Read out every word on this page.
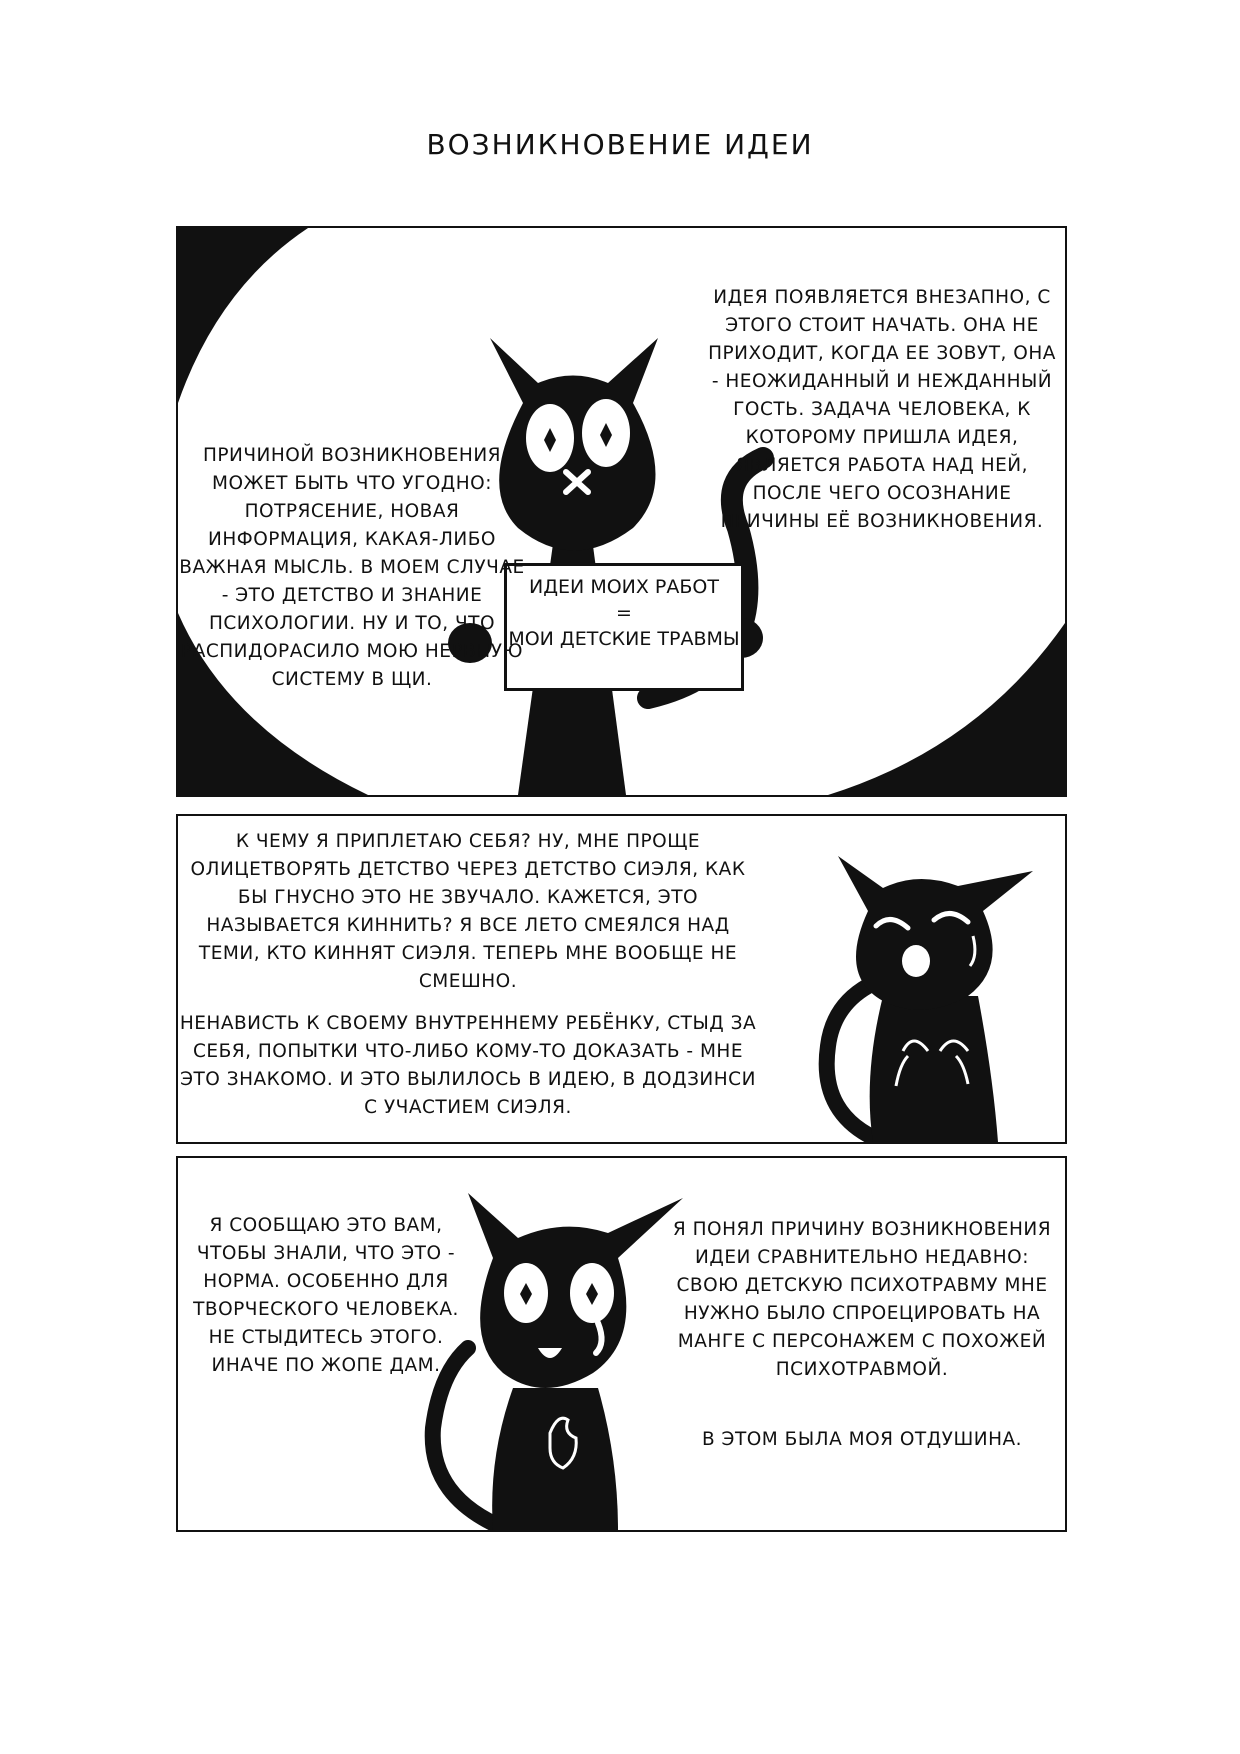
ВОЗНИКНОВЕНИЕ ИДЕИ
ИДЕИ МОИХ РАБОТ
=
МОИ ДЕТСКИЕ ТРАВМЫ
ПРИЧИНОЙ ВОЗНИКНОВЕНИЯ МОЖЕТ БЫТЬ ЧТО УГОДНО: ПОТРЯСЕНИЕ, НОВАЯ ИНФОРМАЦИЯ, КАКАЯ-ЛИБО ВАЖНАЯ МЫСЛЬ. В МОЕМ СЛУЧАЕ - ЭТО ДЕТСТВО И ЗНАНИЕ ПСИХОЛОГИИ. НУ И ТО, ЧТО РАСПИДОРАСИЛО МОЮ НЕРВНУЮ СИСТЕМУ В ЩИ.
ИДЕЯ ПОЯВЛЯЕТСЯ ВНЕЗАПНО, С ЭТОГО СТОИТ НАЧАТЬ. ОНА НЕ ПРИХОДИТ, КОГДА ЕЕ ЗОВУТ, ОНА - НЕОЖИДАННЫЙ И НЕЖДАННЫЙ ГОСТЬ. ЗАДАЧА ЧЕЛОВЕКА, К КОТОРОМУ ПРИШЛА ИДЕЯ, ЯВЛЯЕТСЯ РАБОТА НАД НЕЙ, ПОСЛЕ ЧЕГО ОСОЗНАНИЕ ПРИЧИНЫ ЕЁ ВОЗНИКНОВЕНИЯ.
К ЧЕМУ Я ПРИПЛЕТАЮ СЕБЯ? НУ, МНЕ ПРОЩЕ ОЛИЦЕТВОРЯТЬ ДЕТСТВО ЧЕРЕЗ ДЕТСТВО СИЭЛЯ, КАК БЫ ГНУСНО ЭТО НЕ ЗВУЧАЛО. КАЖЕТСЯ, ЭТО НАЗЫВАЕТСЯ КИННИТЬ? Я ВСЕ ЛЕТО СМЕЯЛСЯ НАД ТЕМИ, КТО КИННЯТ СИЭЛЯ. ТЕПЕРЬ МНЕ ВООБЩЕ НЕ СМЕШНО.
НЕНАВИСТЬ К СВОЕМУ ВНУТРЕННЕМУ РЕБЁНКУ, СТЫД ЗА СЕБЯ, ПОПЫТКИ ЧТО-ЛИБО КОМУ-ТО ДОКАЗАТЬ - МНЕ ЭТО ЗНАКОМО. И ЭТО ВЫЛИЛОСЬ В ИДЕЮ, В ДОДЗИНСИ С УЧАСТИЕМ СИЭЛЯ.
Я СООБЩАЮ ЭТО ВАМ, ЧТОБЫ ЗНАЛИ, ЧТО ЭТО - НОРМА. ОСОБЕННО ДЛЯ ТВОРЧЕСКОГО ЧЕЛОВЕКА. НЕ СТЫДИТЕСЬ ЭТОГО. ИНАЧЕ ПО ЖОПЕ ДАМ.
Я ПОНЯЛ ПРИЧИНУ ВОЗНИКНОВЕНИЯ ИДЕИ СРАВНИТЕЛЬНО НЕДАВНО: СВОЮ ДЕТСКУЮ ПСИХОТРАВМУ МНЕ НУЖНО БЫЛО СПРОЕЦИРОВАТЬ НА МАНГЕ С ПЕРСОНАЖЕМ С ПОХОЖЕЙ ПСИХОТРАВМОЙ.
В ЭТОМ БЫЛА МОЯ ОТДУШИНА.
